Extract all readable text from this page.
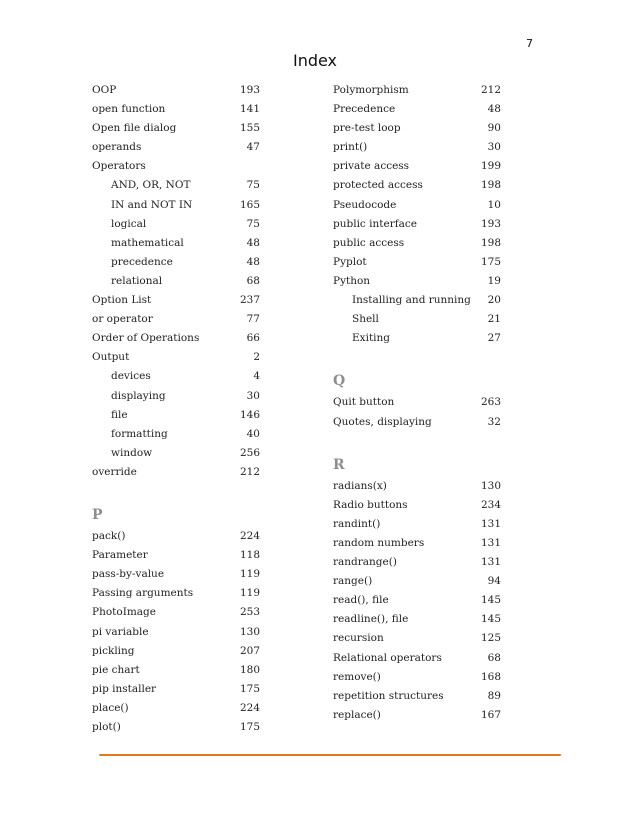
7
Index
OOP	193
open function	141
Open file dialog	155
operands	47
Operators
AND, OR, NOT	75
IN and NOT IN	165
logical	75
mathematical	48
precedence	48
relational	68
Option List	237
or operator	77
Order of Operations	66
Output	2
devices	4
displaying	30
file	146
formatting	40
window	256
override	212
P
pack()	224
Parameter	118
pass-by-value	119
Passing arguments	119
PhotoImage	253
pi variable	130
pickling	207
pie chart	180
pip installer	175
place()	224
plot()	175
Polymorphism	212
Precedence	48
pre-test loop	90
print()	30
private access	199
protected access	198
Pseudocode	10
public interface	193
public access	198
Pyplot	175
Python	19
Installing and running 20
Shell	21
Exiting	27
Q
Quit button	263
Quotes, displaying	32
R
radians(x)	130
Radio buttons	234
randint()	131
random numbers	131
randrange()	131
range()	94
read(), file	145
readline(), file	145
recursion	125
Relational operators	68
remove()	168
repetition structures	89
replace()	167
